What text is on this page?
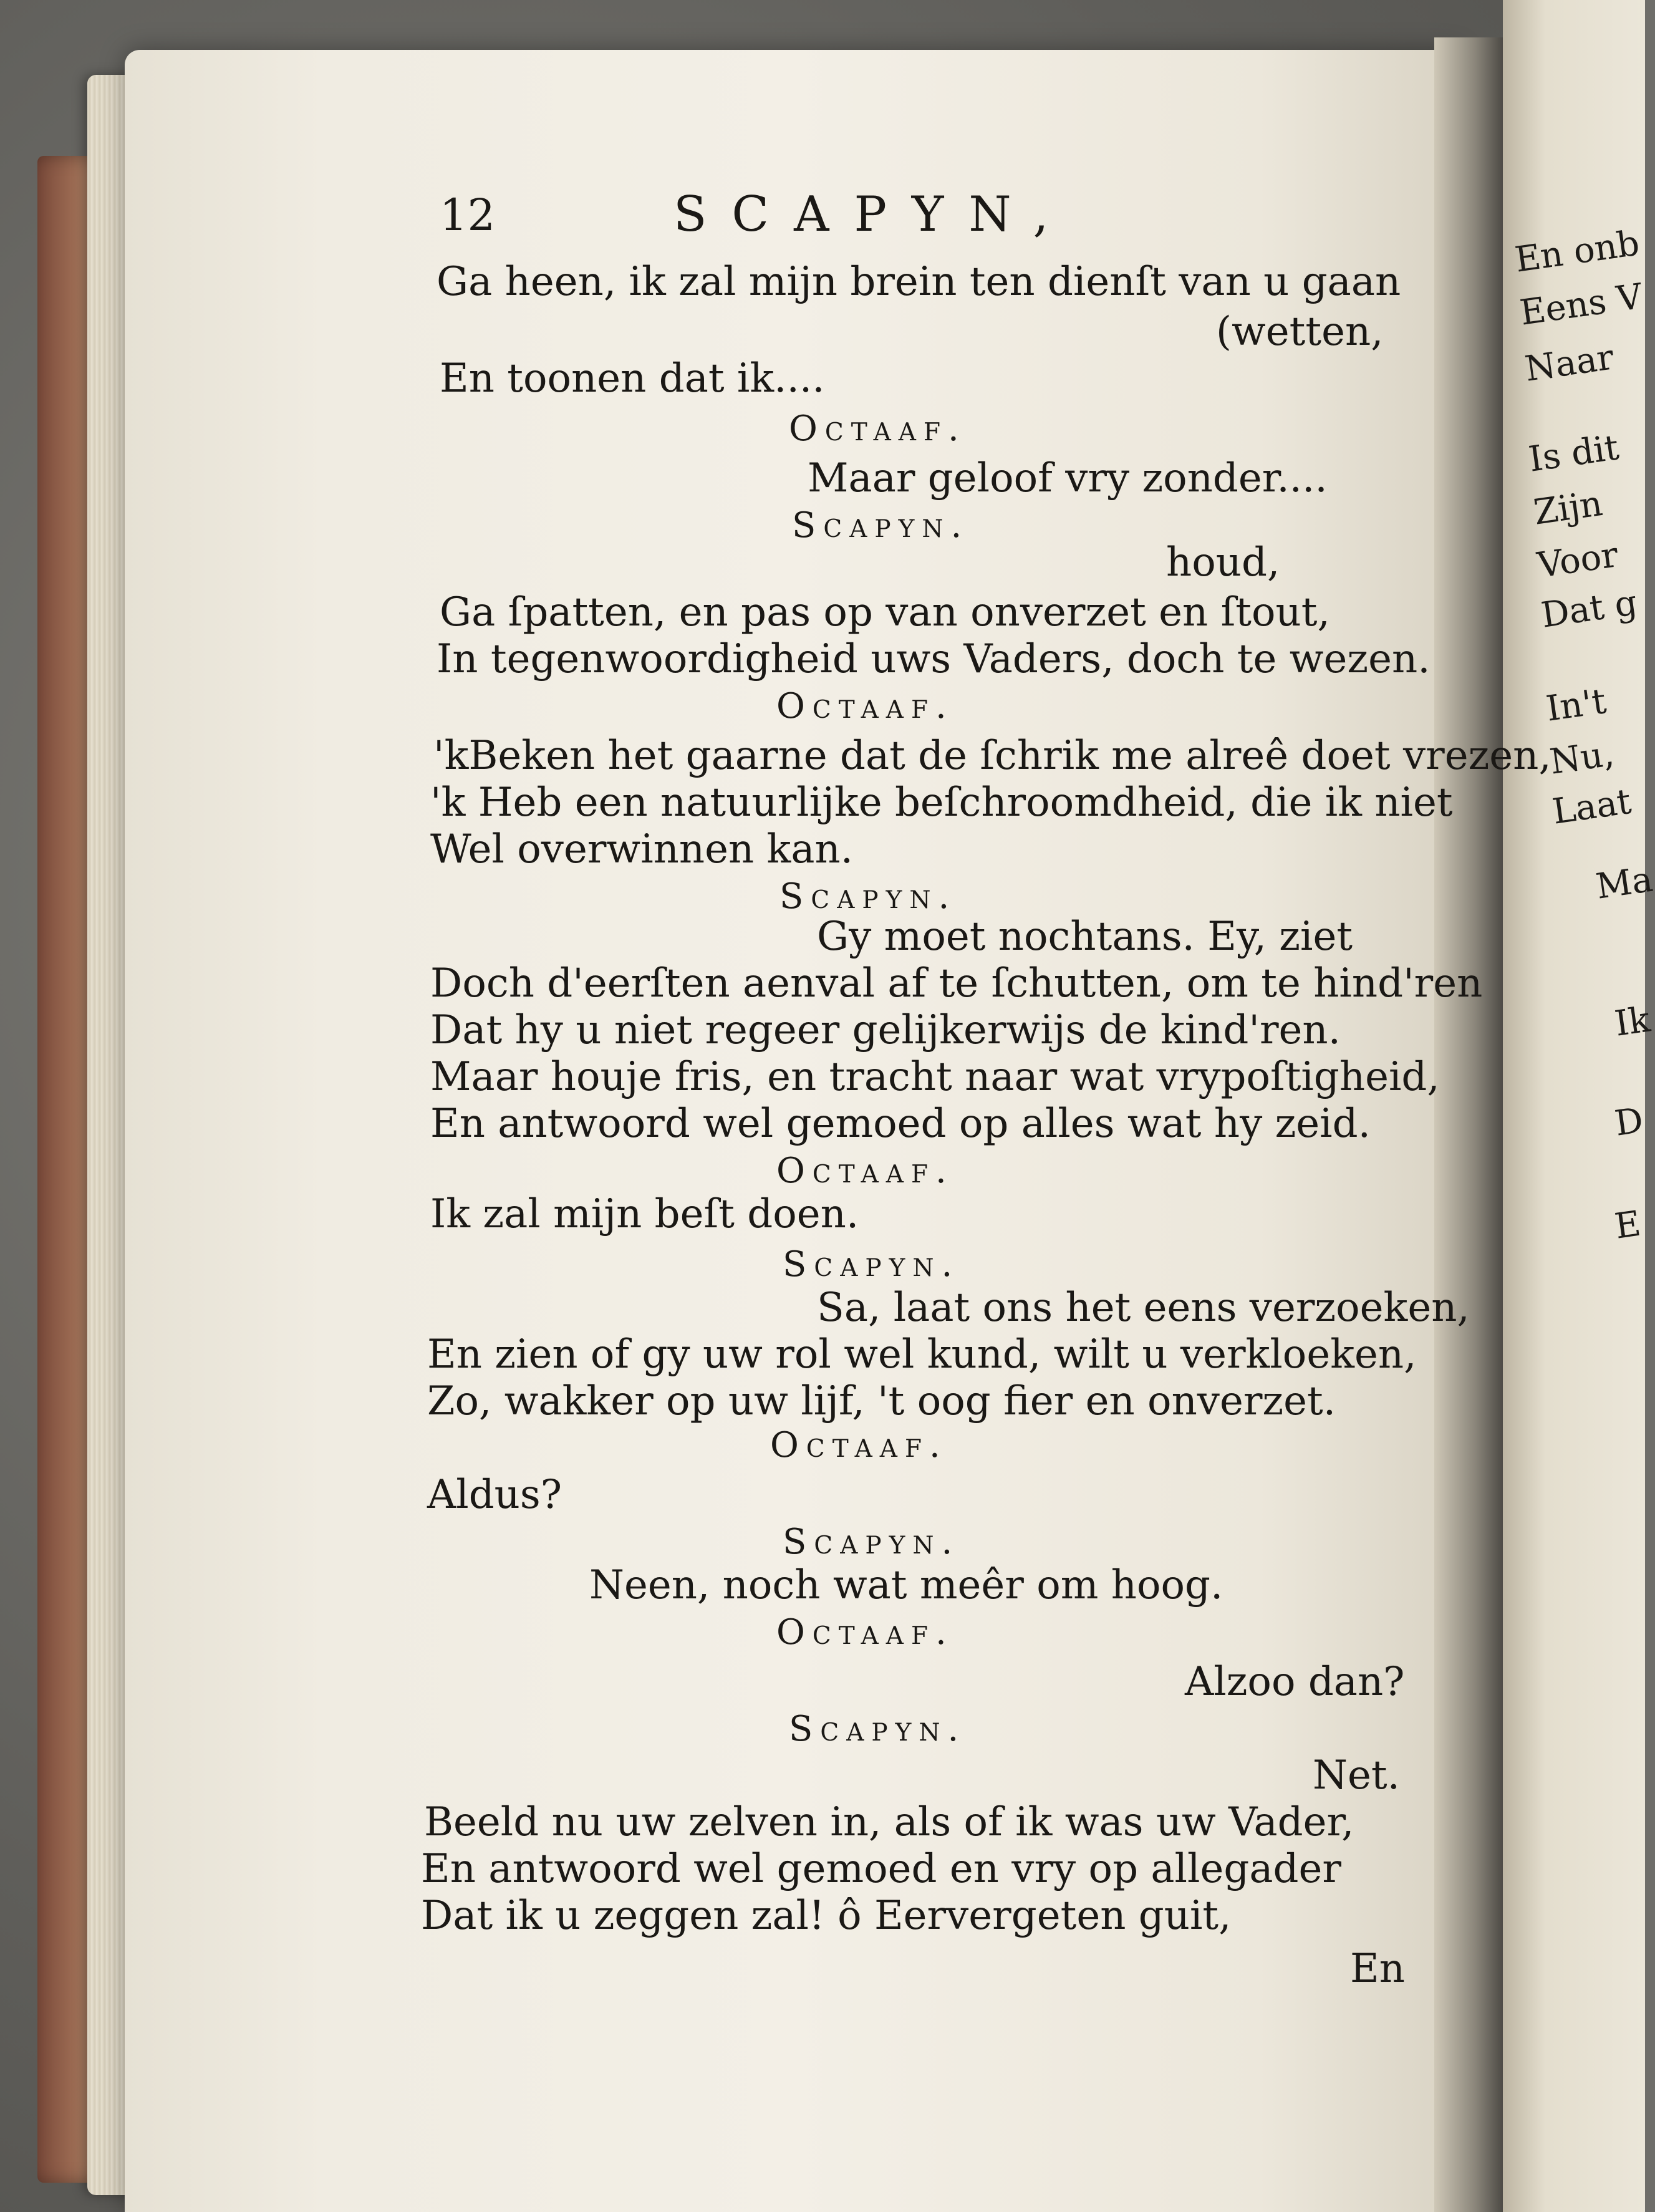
En onb
Eens V
Naar
Is dit
Zijn
Voor
Dat g
In't
Nu,
Laat
Ma
Ik
D
E
12	SCAPYN,
Ga heen, ik zal mijn brein ten dienſt van u gaan
(wetten,
En toonen dat ik....
Octaaf.
Maar geloof vry zonder....
Scapyn.
houd,
Ga ſpatten, en pas op van onverzet en ſtout,
In tegenwoordigheid uws Vaders, doch te wezen.
Octaaf.
'kBeken het gaarne dat de ſchrik me alreê doet vrezen,
'k Heb een natuurlijke beſchroomdheid, die ik niet
Wel overwinnen kan.
Scapyn.
Gy moet nochtans. Ey, ziet
Doch d'eerſten aenval af te ſchutten, om te hind'ren
Dat hy u niet regeer gelijkerwijs de kind'ren.
Maar houje fris, en tracht naar wat vrypoſtigheid,
En antwoord wel gemoed op alles wat hy zeid.
Octaaf.
Ik zal mijn beſt doen.
Scapyn.
Sa, laat ons het eens verzoeken,
En zien of gy uw rol wel kund, wilt u verkloeken,
Zo, wakker op uw lijf, 't oog fier en onverzet.
Octaaf.
Aldus?
Scapyn.
Neen, noch wat meêr om hoog.
Octaaf.
Alzoo dan?
Scapyn.
Net.
Beeld nu uw zelven in, als of ik was uw Vader,
En antwoord wel gemoed en vry op allegader
Dat ik u zeggen zal! ô Eervergeten guit,
En
